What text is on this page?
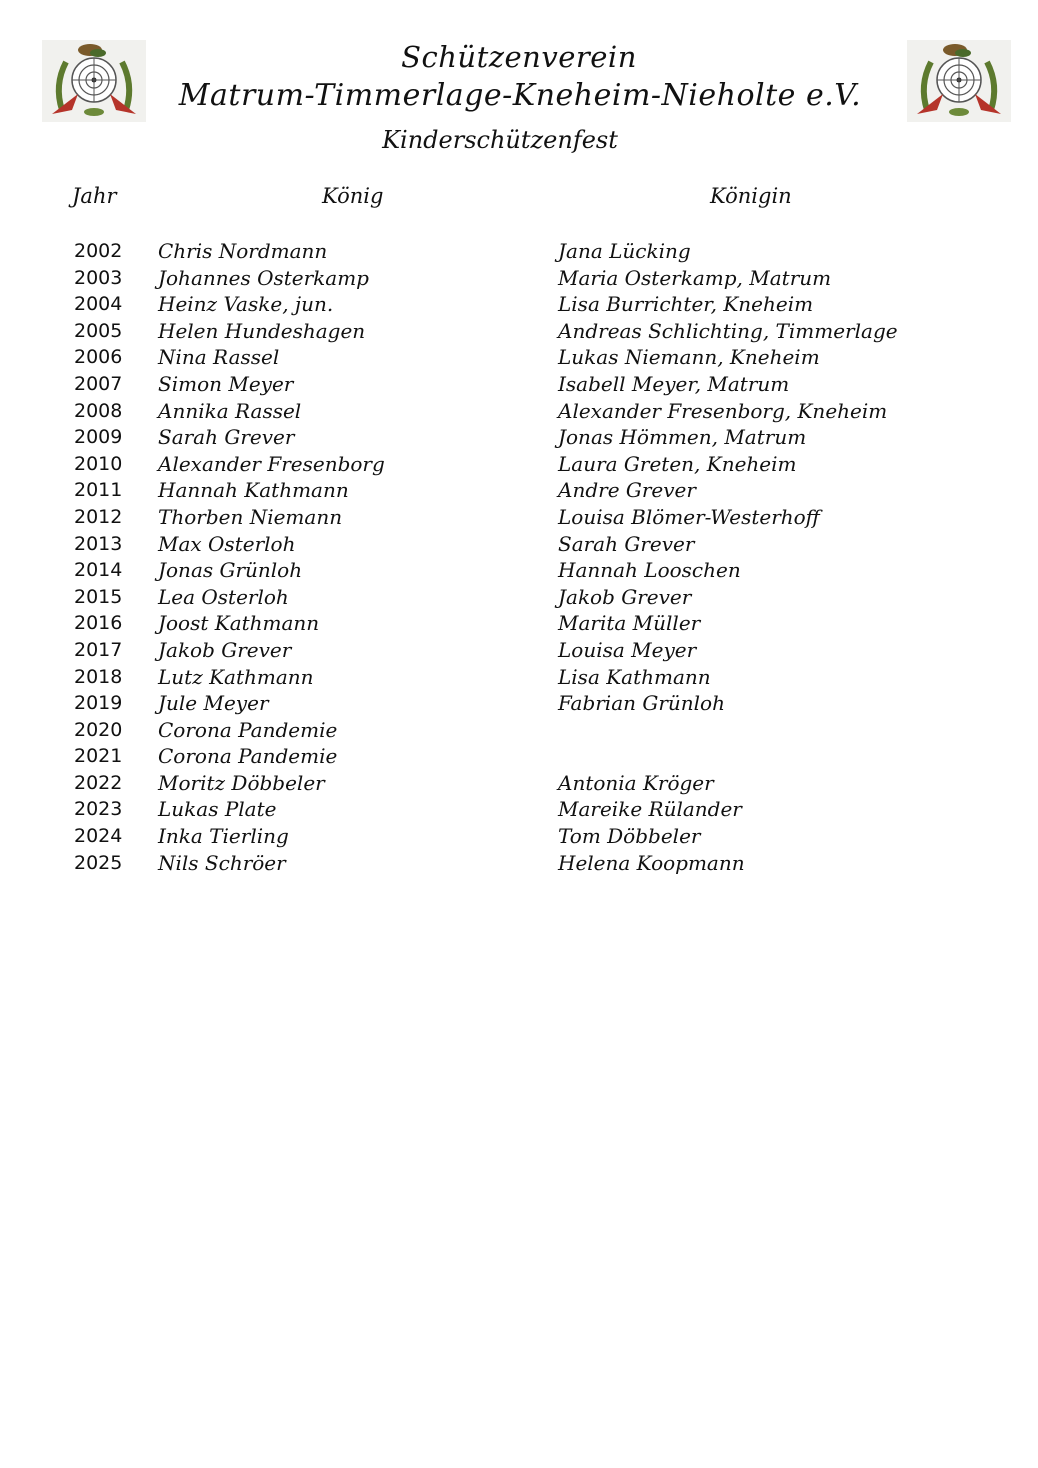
Schützenverein
Matrum-Timmerlage-Kneheim-Nieholte e.V.
Kinderschützenfest
Jahr	König	Königin
2002 Chris Nordmann	Jana Lücking
2003 Johannes Osterkamp	Maria Osterkamp, Matrum
2004 Heinz Vaske, jun.	Lisa Burrichter, Kneheim
2005 Helen Hundeshagen	Andreas Schlichting, Timmerlage
2006 Nina Rassel	Lukas Niemann, Kneheim
2007 Simon Meyer	Isabell Meyer, Matrum
2008 Annika Rassel	Alexander Fresenborg, Kneheim
2009 Sarah Grever	Jonas Hömmen, Matrum
2010 Alexander Fresenborg	Laura Greten, Kneheim
2011 Hannah Kathmann	Andre Grever
2012 Thorben Niemann	Louisa Blömer-Westerhoff
2013 Max Osterloh	Sarah Grever
2014 Jonas Grünloh	Hannah Looschen
2015 Lea Osterloh	Jakob Grever
2016 Joost Kathmann	Marita Müller
2017 Jakob Grever	Louisa Meyer
2018 Lutz Kathmann	Lisa Kathmann
2019 Jule Meyer	Fabrian Grünloh
2020 Corona Pandemie
2021 Corona Pandemie
2022 Moritz Döbbeler	Antonia Kröger
2023 Lukas Plate	Mareike Rülander
2024 Inka Tierling	Tom Döbbeler
2025 Nils Schröer	Helena Koopmann
